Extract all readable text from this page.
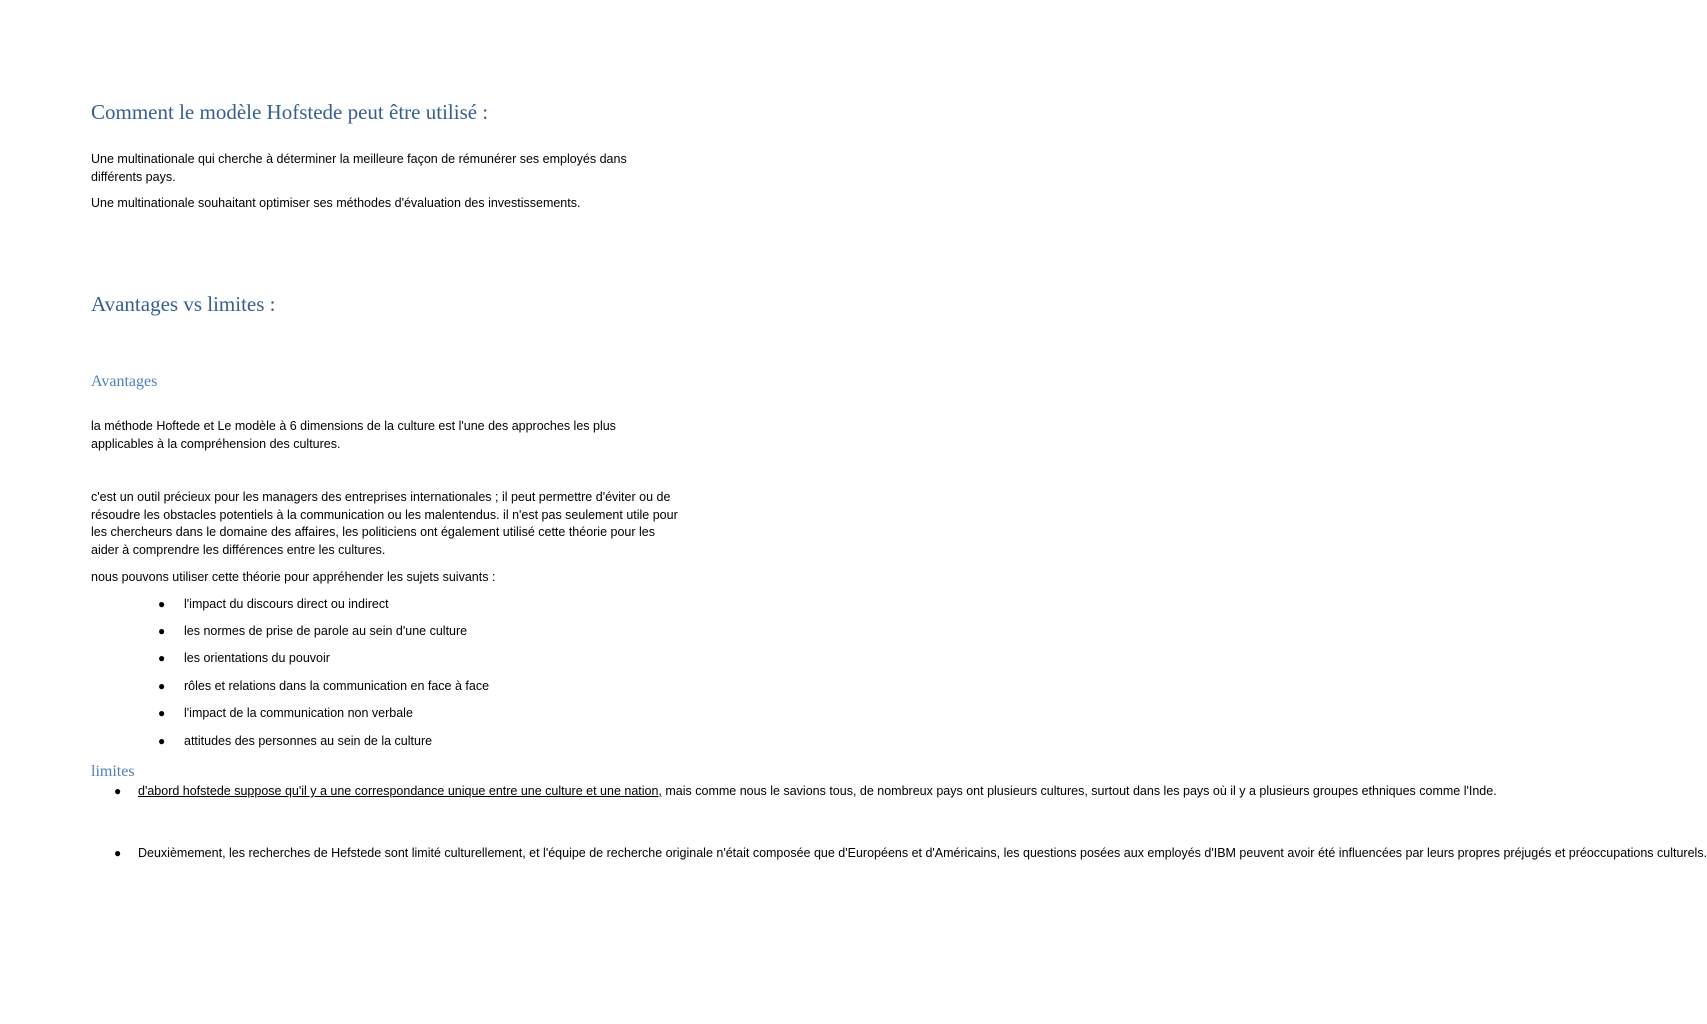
Comment le modèle Hofstede peut être utilisé :

Une multinationale qui cherche à déterminer la meilleure façon de rémunérer ses employés dans différents pays.

Une multinationale souhaitant optimiser ses méthodes d'évaluation des investissements.

Avantages vs limites :
Avantages

la méthode Hoftede et Le modèle à 6 dimensions de la culture est l'une des approches les plus applicables à la compréhension des cultures.

c'est un outil précieux pour les managers des entreprises internationales ; il peut permettre d'éviter ou de résoudre les obstacles potentiels à la communication ou les malentendus. il n'est pas seulement utile pour les chercheurs dans le domaine des affaires, les politiciens ont également utilisé cette théorie pour les aider à comprendre les différences entre les cultures.

nous pouvons utiliser cette théorie pour appréhender les sujets suivants :

● l'impact du discours direct ou indirect
● les normes de prise de parole au sein d'une culture
● les orientations du pouvoir
● rôles et relations dans la communication en face à face
● l'impact de la communication non verbale
● attitudes des personnes au sein de la culture
limites
● d'abord hofstede suppose qu'il y a une correspondance unique entre une culture et une nation, mais comme nous le savions tous, de nombreux pays ont plusieurs cultures, surtout dans les pays où il y a plusieurs groupes ethniques comme l'Inde.
● Deuxièmement, les recherches de Hefstede sont limité culturellement, et l'équipe de recherche originale n'était composée que d'Européens et d'Américains, les questions posées aux employés d'IBM peuvent avoir été influencées par leurs propres préjugés et préoccupations culturels.
